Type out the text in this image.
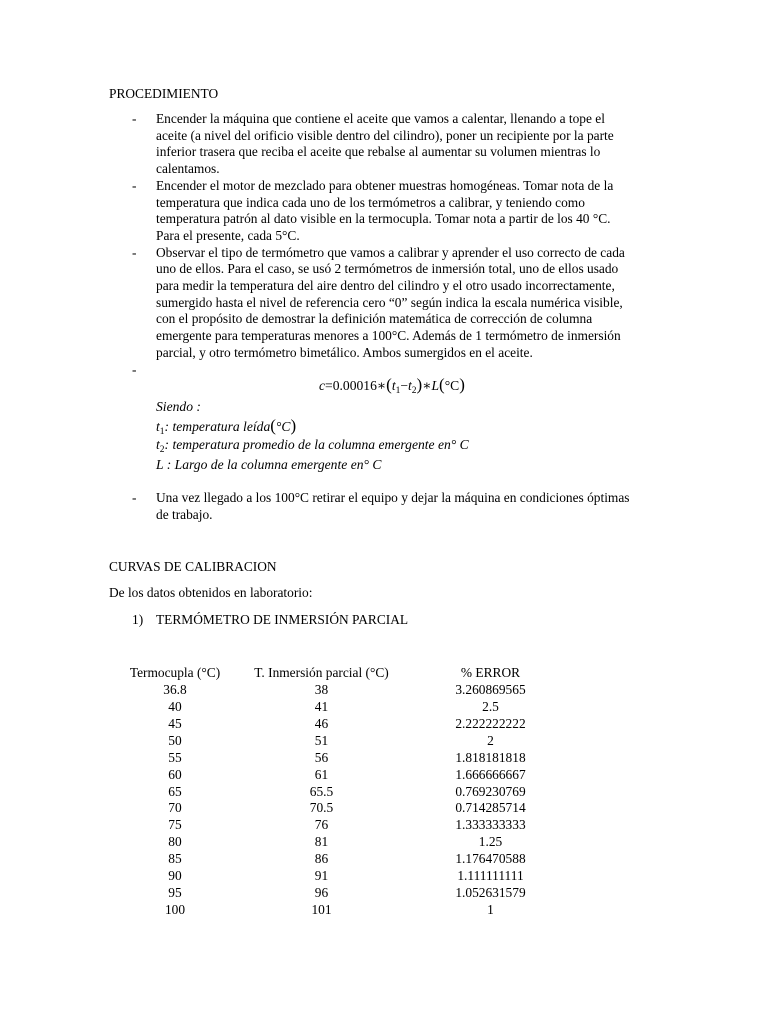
PROCEDIMIENTO
- Encender la máquina que contiene el aceite que vamos a calentar, llenando a tope el
aceite (a nivel del orificio visible dentro del cilindro), poner un recipiente por la parte
inferior trasera que reciba el aceite que rebalse al aumentar su volumen mientras lo
calentamos.
- Encender el motor de mezclado para obtener muestras homogéneas. Tomar nota de la
temperatura que indica cada uno de los termómetros a calibrar, y teniendo como
temperatura patrón al dato visible en la termocupla. Tomar nota a partir de los 40 °C.
Para el presente, cada 5°C.
- Observar el tipo de termómetro que vamos a calibrar y aprender el uso correcto de cada
uno de ellos. Para el caso, se usó 2 termómetros de inmersión total, uno de ellos usado
para medir la temperatura del aire dentro del cilindro y el otro usado incorrectamente,
sumergido hasta el nivel de referencia cero “0” según indica la escala numérica visible,
con el propósito de demostrar la definición matemática de corrección de columna
emergente para temperaturas menores a 100°C. Además de 1 termómetro de inmersión
parcial, y otro termómetro bimetálico. Ambos sumergidos en el aceite.
-

$c=0.00016∗(t_1-t_2)∗L(^\circ C)$
Siendo :
$t_1$: temperatura leída(°C)
$t_2$: temperatura promedio de la columna emergente en° C
L : Largo de la columna emergente en° C
- Una vez llegado a los 100°C retirar el equipo y dejar la máquina en condiciones óptimas
de trabajo.
CURVAS DE CALIBRACION
De los datos obtenidos en laboratorio:
1) TERMÓMETRO DE INMERSIÓN PARCIAL
Termocupla (°C)	T. Inmersión parcial (°C)	% ERROR
36.8	38	3.260869565
40	41	2.5
45	46	2.222222222
50	51	2
55	56	1.818181818
60	61	1.666666667
65	65.5	0.769230769
70	70.5	0.714285714
75	76	1.333333333
80	81	1.25
85	86	1.176470588
90	91	1.111111111
95	96	1.052631579
100	101	1
